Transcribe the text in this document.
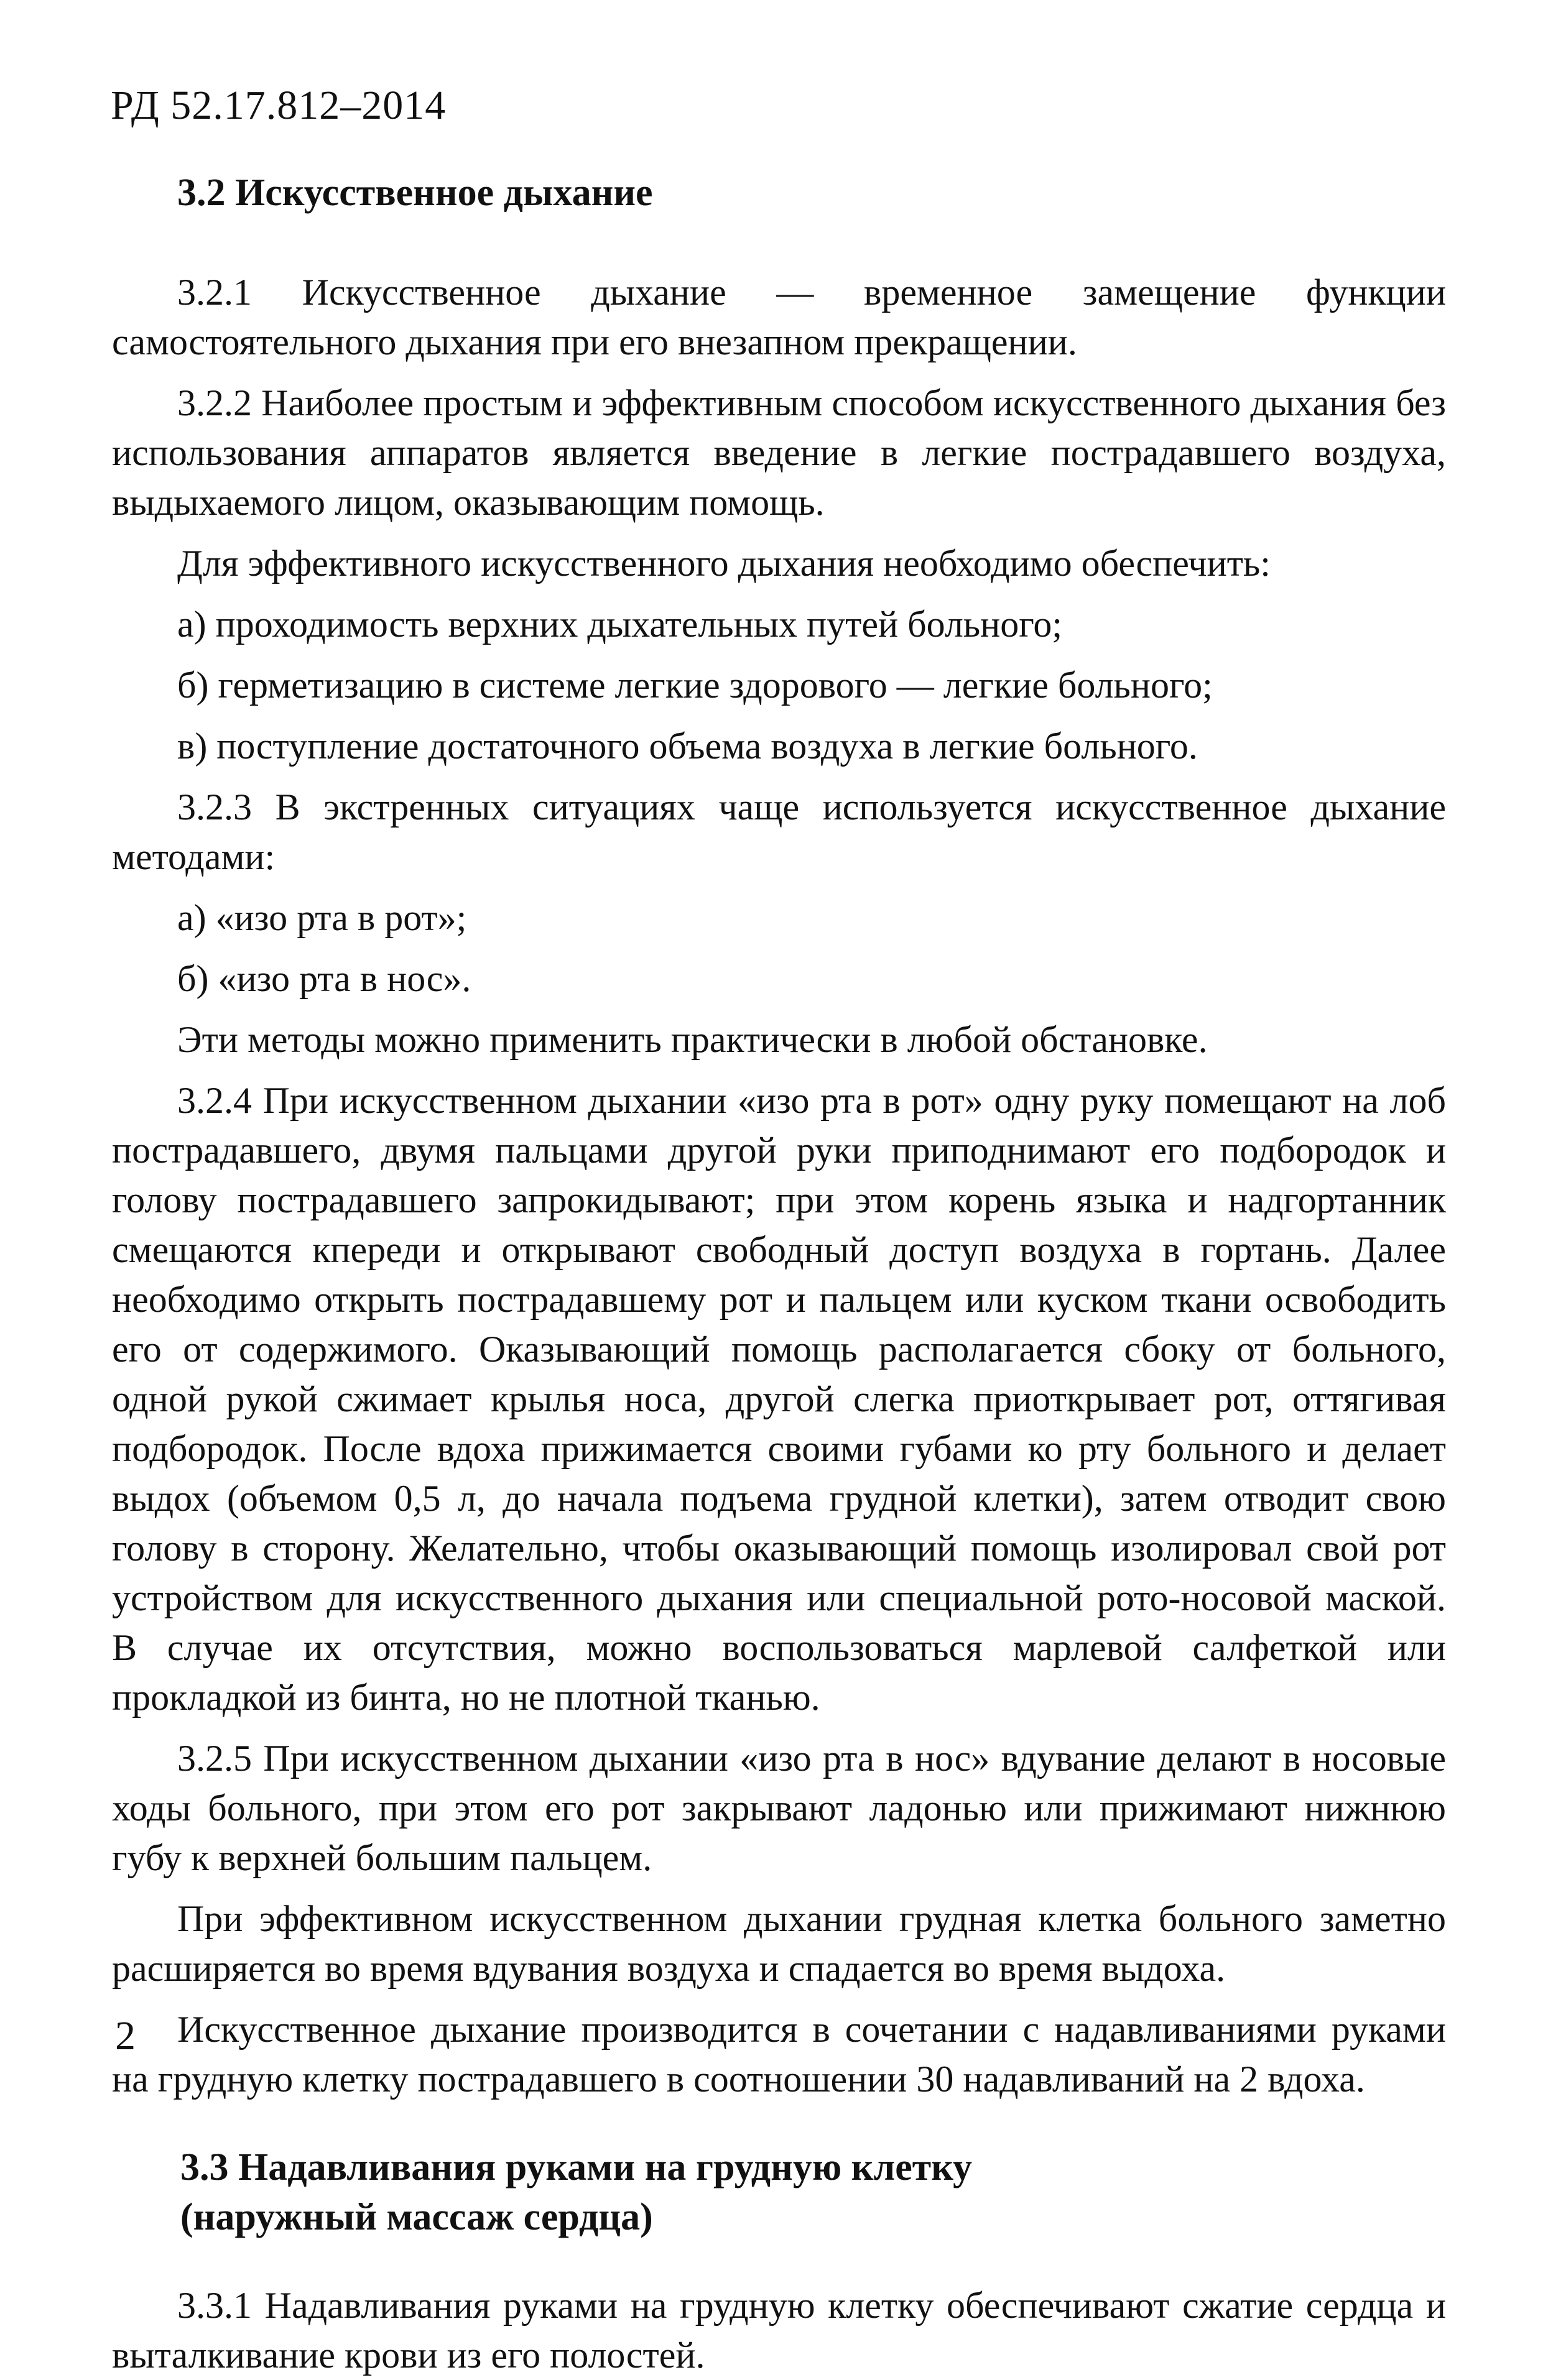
РД 52.17.812–2014
3.2 Искусственное дыхание

3.2.1 Искусственное дыхание — временное замещение функции самостоятельного дыхания при его внезапном прекращении.

3.2.2 Наиболее простым и эффективным способом искусственного дыхания без использования аппаратов является введение в легкие пострадавшего воздуха, выдыхаемого лицом, оказывающим помощь.

Для эффективного искусственного дыхания необходимо обеспечить:

а) проходимость верхних дыхательных путей больного;

б) герметизацию в системе легкие здорового — легкие больного;

в) поступление достаточного объема воздуха в легкие больного.

3.2.3 В экстренных ситуациях чаще используется искусственное дыхание методами:

а) «изо рта в рот»;

б) «изо рта в нос».

Эти методы можно применить практически в любой обстановке.

3.2.4 При искусственном дыхании «изо рта в рот» одну руку помещают на лоб пострадавшего, двумя пальцами другой руки приподнимают его подбородок и голову пострадавшего запрокидывают; при этом корень языка и надгортанник смещаются кпереди и открывают свободный доступ воздуха в гортань. Далее необходимо открыть пострадавшему рот и пальцем или куском ткани освободить его от содержимого. Оказывающий помощь располагается сбоку от больного, одной рукой сжимает крылья носа, другой слегка приоткрывает рот, оттягивая подбородок. После вдоха прижимается своими губами ко рту больного и делает выдох (объемом 0,5 л, до начала подъема грудной клетки), затем отводит свою голову в сторону. Желательно, чтобы оказывающий помощь изолировал свой рот устройством для искусственного дыхания или специальной рото-носовой маской. В случае их отсутствия, можно воспользоваться марлевой салфеткой или прокладкой из бинта, но не плотной тканью.

3.2.5 При искусственном дыхании «изо рта в нос» вдувание делают в носовые ходы больного, при этом его рот закрывают ладонью или прижимают нижнюю губу к верхней большим пальцем.

При эффективном искусственном дыхании грудная клетка больного заметно расширяется во время вдувания воздуха и спадается во время выдоха.

Искусственное дыхание производится в сочетании с надавливаниями руками на грудную клетку пострадавшего в соотношении 30 надавливаний на 2 вдоха.

3.3 Надавливания руками на грудную клетку
(наружный массаж сердца)

3.3.1 Надавливания руками на грудную клетку обеспечивают сжатие сердца и выталкивание крови из его полостей.

2
